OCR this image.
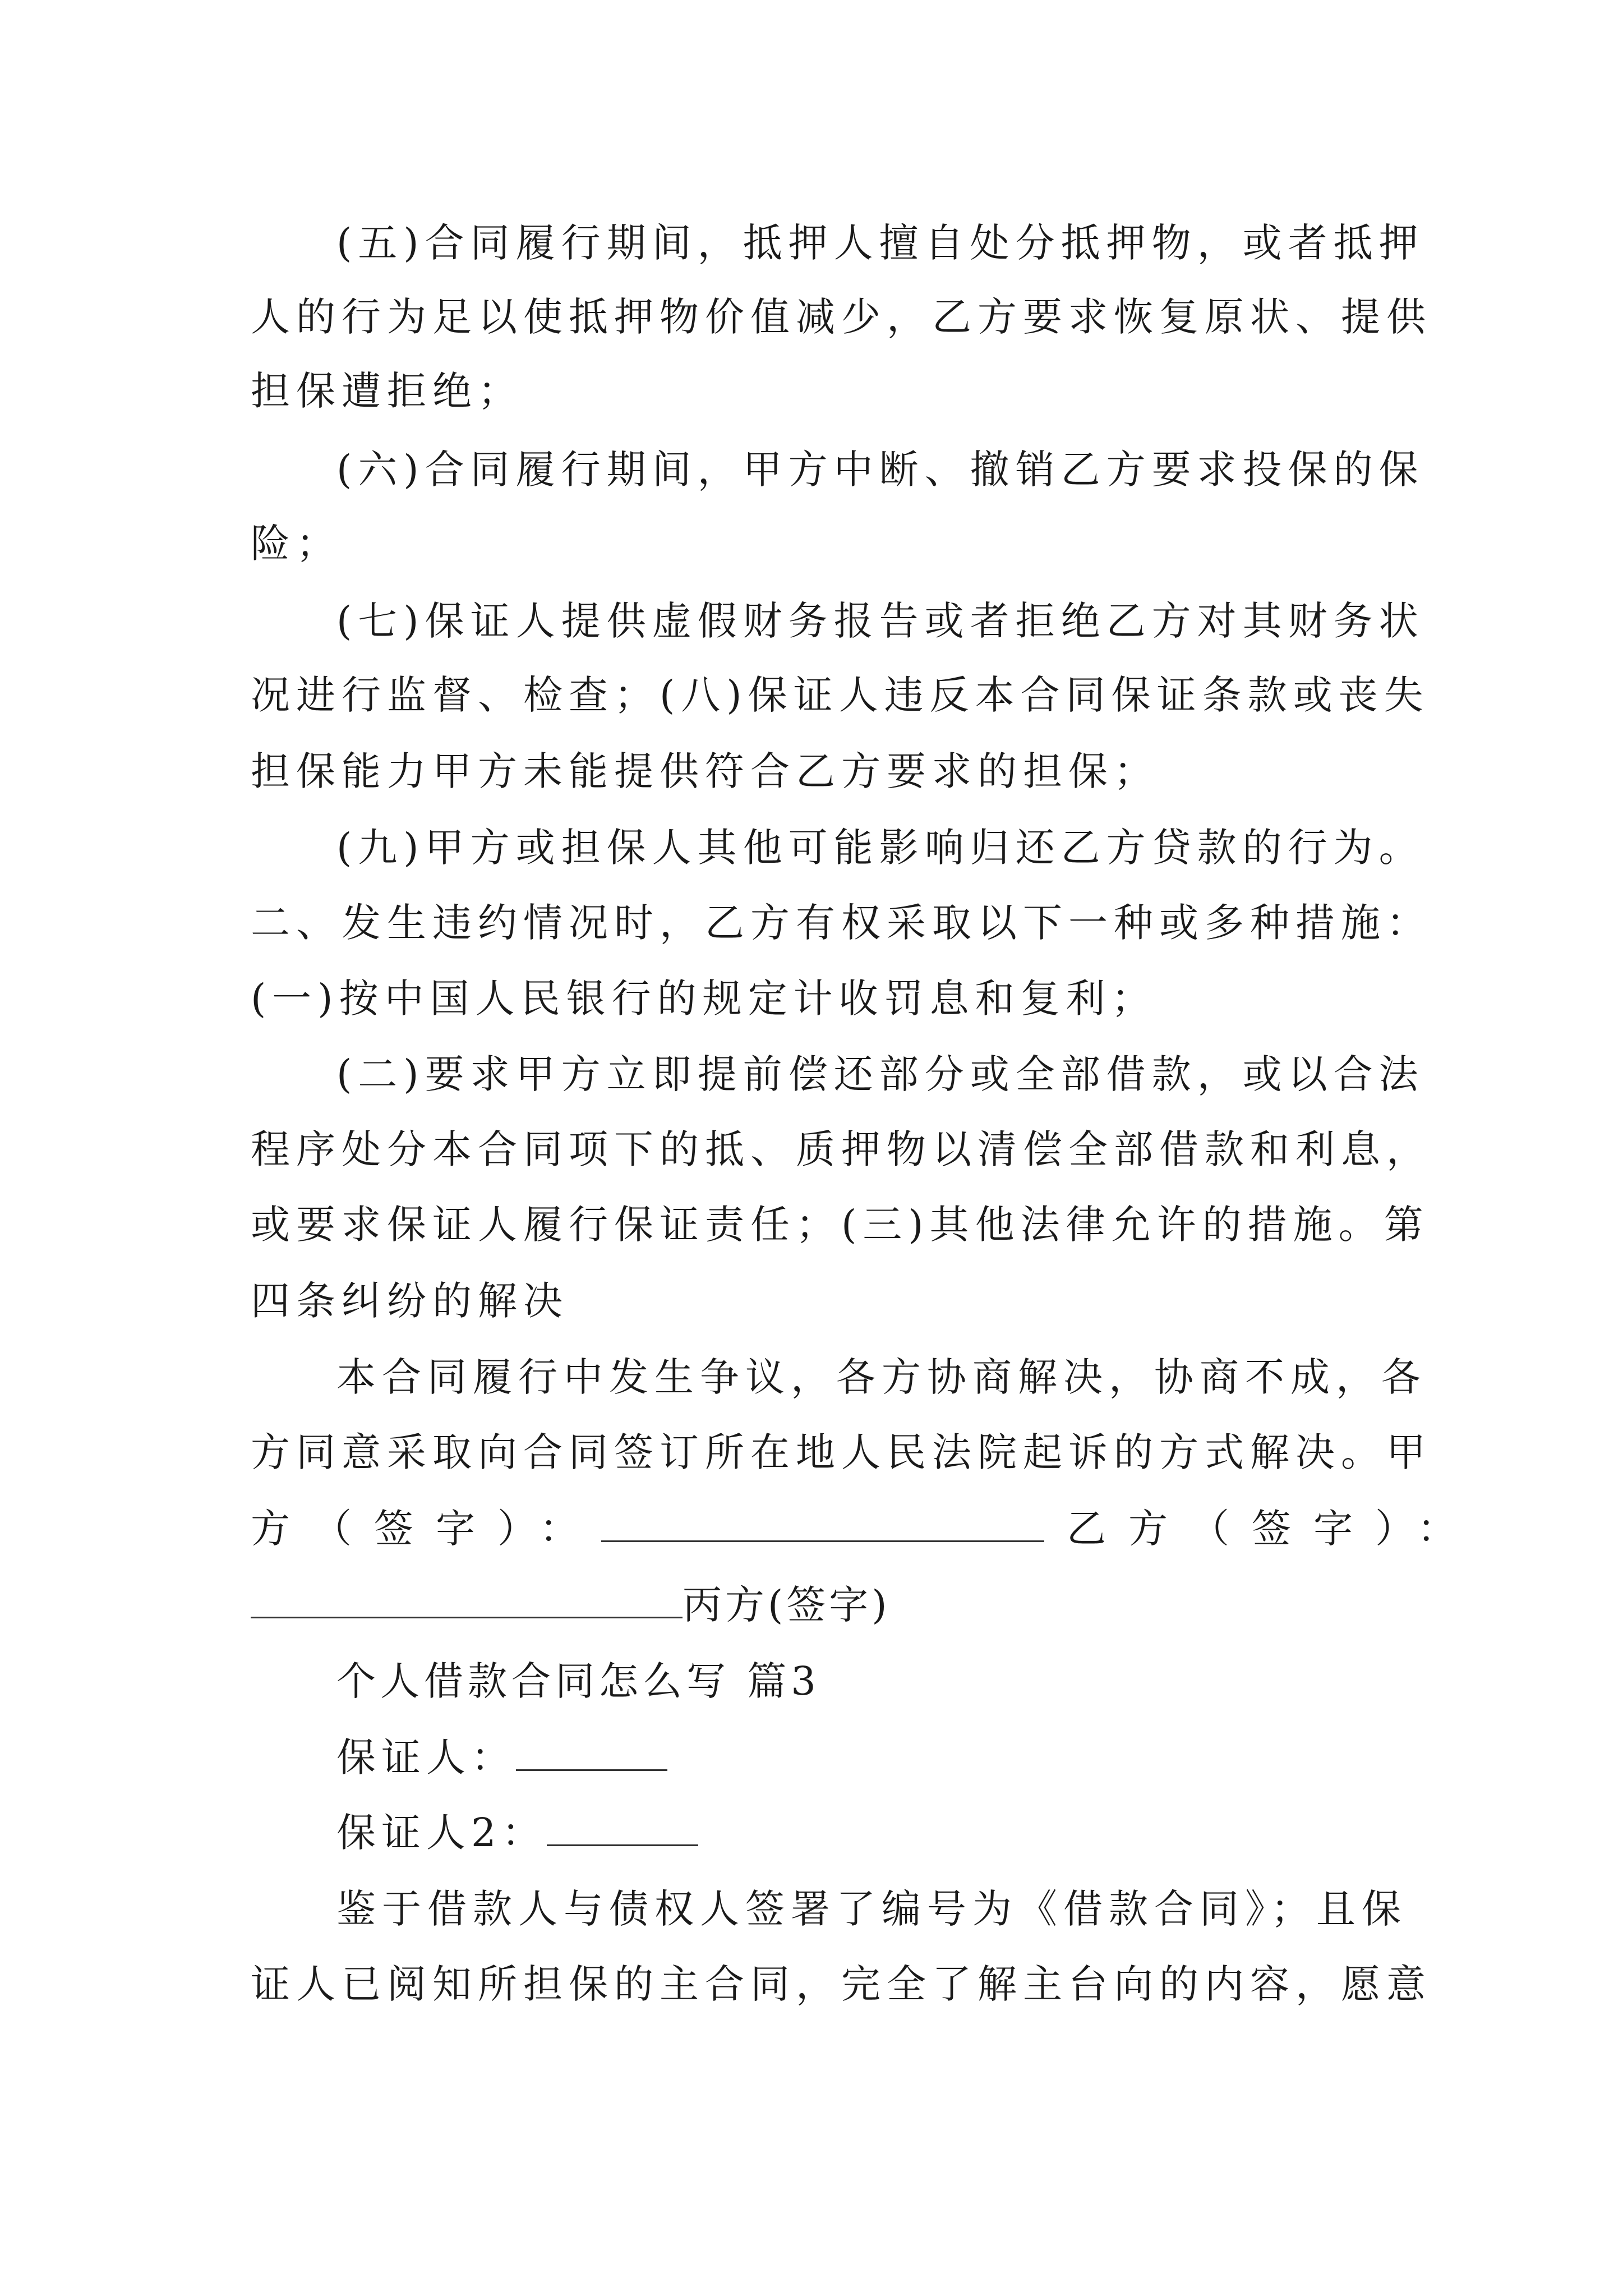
(五)合同履行期间，抵押人擅自处分抵押物，或者抵押
人的行为足以使抵押物价值减少，乙方要求恢复原状、提供
担保遭拒绝；
(六)合同履行期间，甲方中断、撤销乙方要求投保的保
险；
(七)保证人提供虚假财务报告或者拒绝乙方对其财务状
况进行监督、检查；(八)保证人违反本合同保证条款或丧失
担保能力甲方未能提供符合乙方要求的担保；
(九)甲方或担保人其他可能影响归还乙方贷款的行为。
二、发生违约情况时，乙方有权采取以下一种或多种措施：
(一)按中国人民银行的规定计收罚息和复利；
(二)要求甲方立即提前偿还部分或全部借款，或以合法
程序处分本合同项下的抵、质押物以清偿全部借款和利息，
或要求保证人履行保证责任；(三)其他法律允许的措施。第
四条纠纷的解决
本合同履行中发生争议，各方协商解决，协商不成，各
方同意采取向合同签订所在地人民法院起诉的方式解决。甲
方（签字）：	乙方（签字）：
丙方(签字)
个人借款合同怎么写 篇3
保证人：
保证人2：
鉴于借款人与债权人签署了编号为《借款合同》；且保
证人已阅知所担保的主合同，完全了解主台向的内容，愿意
